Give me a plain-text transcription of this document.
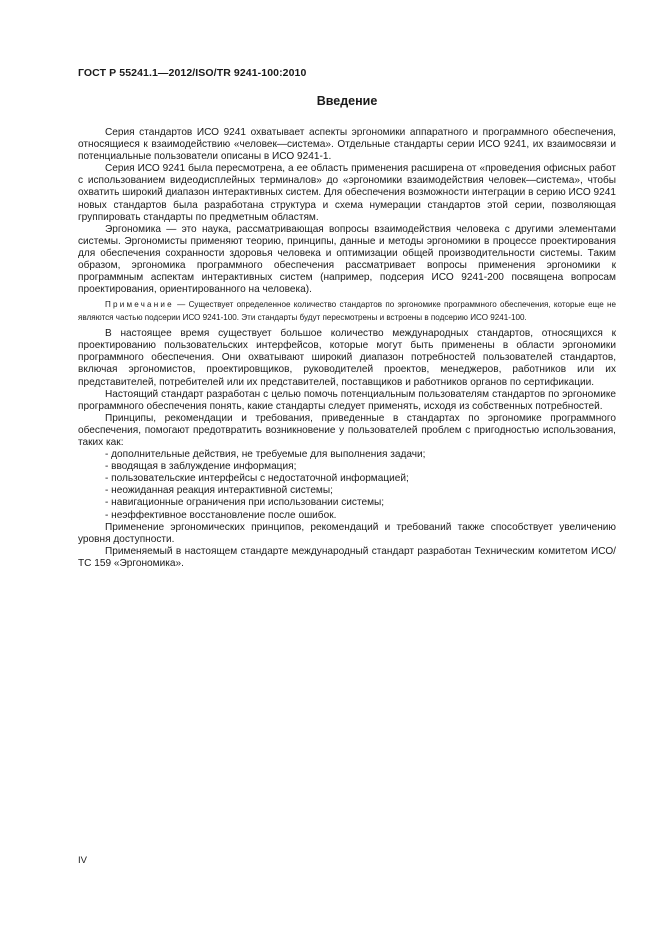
ГОСТ Р 55241.1—2012/ISO/TR 9241-100:2010
Введение

Серия стандартов ИСО 9241 охватывает аспекты эргономики аппаратного и программного обеспечения, относящиеся к взаимодействию «человек—система». Отдельные стандарты серии ИСО 9241, их взаимосвязи и потенциальные пользователи описаны в ИСО 9241-1.

Серия ИСО 9241 была пересмотрена, а ее область применения расширена от «проведения офисных работ с использованием видеодисплейных терминалов» до «эргономики взаимодействия человек—система», чтобы охватить широкий диапазон интерактивных систем. Для обеспечения возможности интеграции в серию ИСО 9241 новых стандартов была разработана структура и схема нумерации стандартов этой серии, позволяющая группировать стандарты по предметным областям.

Эргономика — это наука, рассматривающая вопросы взаимодействия человека с другими элементами системы. Эргономисты применяют теорию, принципы, данные и методы эргономики в процессе проектирования для обеспечения сохранности здоровья человека и оптимизации общей производительности системы. Таким образом, эргономика программного обеспечения рассматривает вопросы применения эргономики к программным аспектам интерактивных систем (например, подсерия ИСО 9241-200 посвящена вопросам проектирования, ориентированного на человека).

Примечание — Существует определенное количество стандартов по эргономике программного обеспечения, которые еще не являются частью подсерии ИСО 9241-100. Эти стандарты будут пересмотрены и встроены в подсерию ИСО 9241-100.

В настоящее время существует большое количество международных стандартов, относящихся к проектированию пользовательских интерфейсов, которые могут быть применены в области эргономики программного обеспечения. Они охватывают широкий диапазон потребностей пользователей стандартов, включая эргономистов, проектировщиков, руководителей проектов, менеджеров, работников или их представителей, потребителей или их представителей, поставщиков и работников органов по сертификации.

Настоящий стандарт разработан с целью помочь потенциальным пользователям стандартов по эргономике программного обеспечения понять, какие стандарты следует применять, исходя из собственных потребностей.

Принципы, рекомендации и требования, приведенные в стандартах по эргономике программного обеспечения, помогают предотвратить возникновение у пользователей проблем с пригодностью использования, таких как:

- дополнительные действия, не требуемые для выполнения задачи;
- вводящая в заблуждение информация;
- пользовательские интерфейсы с недостаточной информацией;
- неожиданная реакция интерактивной системы;
- навигационные ограничения при использовании системы;
- неэффективное восстановление после ошибок.

Применение эргономических принципов, рекомендаций и требований также способствует увеличению уровня доступности.

Применяемый в настоящем стандарте международный стандарт разработан Техническим комитетом ИСО/ТС 159 «Эргономика».

IV
